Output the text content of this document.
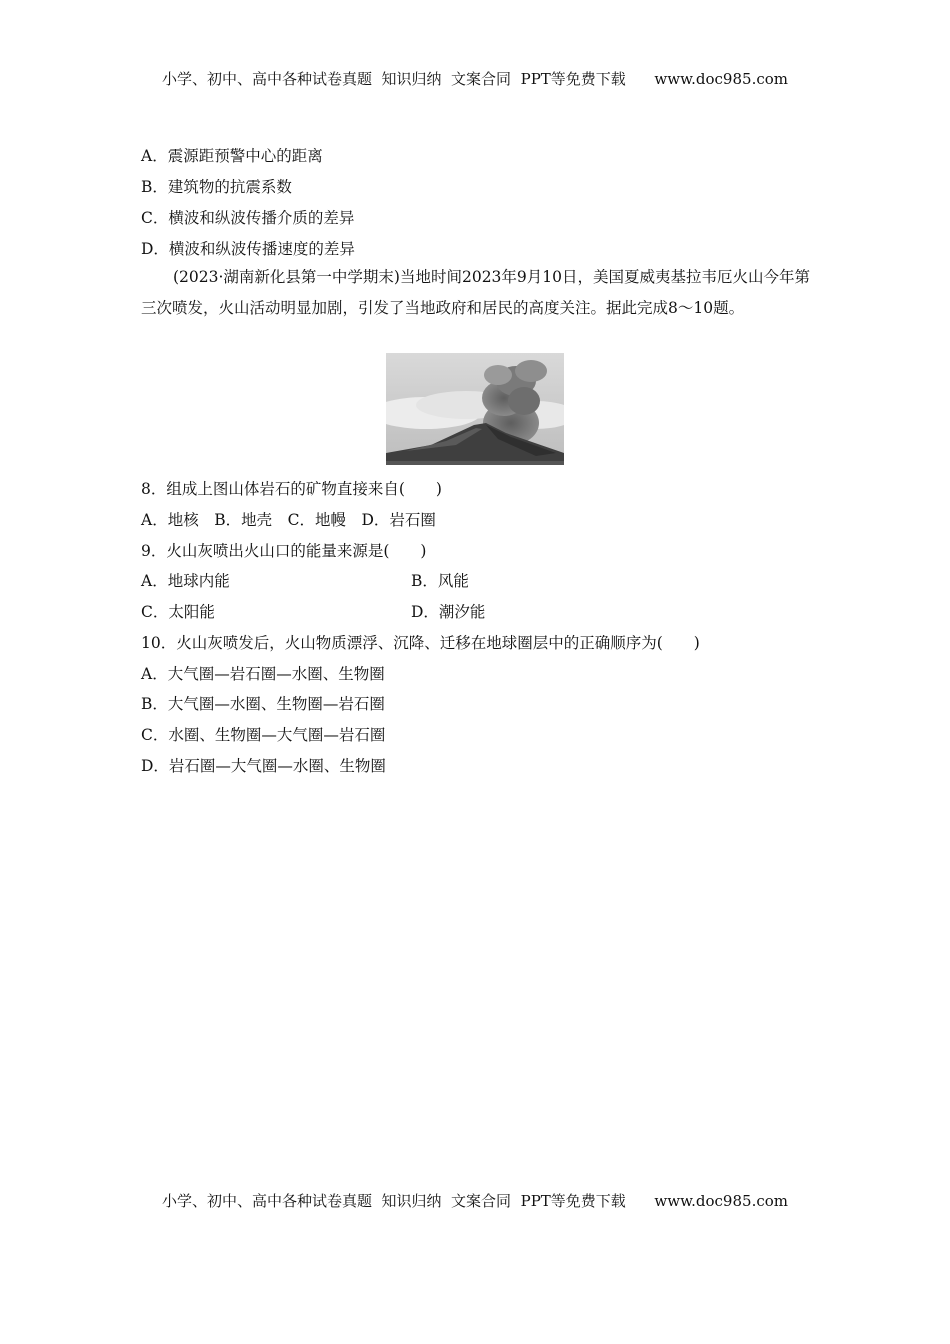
小学、初中、高中各种试卷真题  知识归纳  文案合同  PPT等免费下载      www.doc985.com
A．震源距预警中心的距离
B．建筑物的抗震系数
C．横波和纵波传播介质的差异
D．横波和纵波传播速度的差异
(2023·湖南新化县第一中学期末)当地时间2023年9月10日，美国夏威夷基拉韦厄火山今年第三次喷发，火山活动明显加剧，引发了当地政府和居民的高度关注。据此完成8～10题。
8．组成上图山体岩石的矿物直接来自(　　)
A．地核　B．地壳　C．地幔　D．岩石圈
9．火山灰喷出火山口的能量来源是(　　)
A．地球内能	B．风能
C．太阳能	D．潮汐能
10．火山灰喷发后，火山物质漂浮、沉降、迁移在地球圈层中的正确顺序为(　　)
A．大气圈—岩石圈—水圈、生物圈
B．大气圈—水圈、生物圈—岩石圈
C．水圈、生物圈—大气圈—岩石圈
D．岩石圈—大气圈—水圈、生物圈
小学、初中、高中各种试卷真题  知识归纳  文案合同  PPT等免费下载      www.doc985.com
